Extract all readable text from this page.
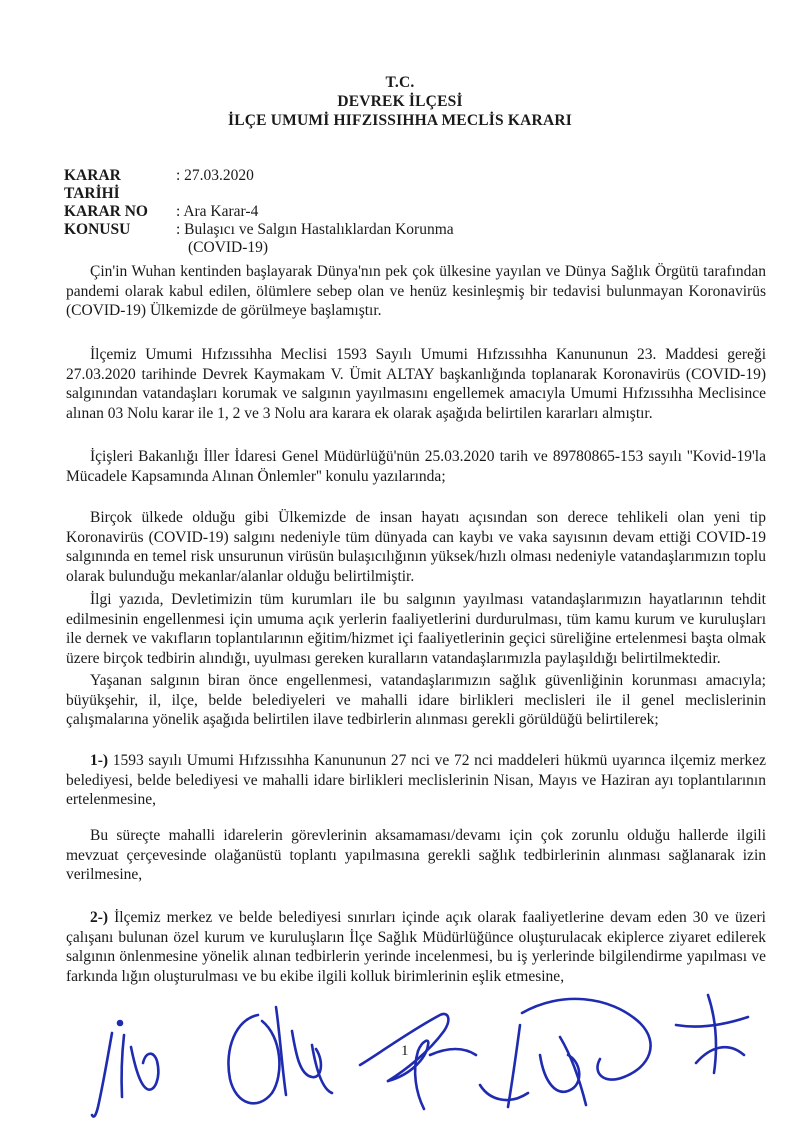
T.C.
DEVREK İLÇESİ
İLÇE UMUMİ HIFZISSIHHA MECLİS KARARI
KARAR TARİHİ
: 27.03.2020
KARAR NO	: Ara Karar-4
KONUSU	: Bulaşıcı ve Salgın Hastalıklardan Korunma
(COVID-19)

Çin'in Wuhan kentinden başlayarak Dünya'nın pek çok ülkesine yayılan ve Dünya Sağlık Örgütü tarafından pandemi olarak kabul edilen, ölümlere sebep olan ve henüz kesinleşmiş bir tedavisi bulunmayan Koronavirüs (COVID-19) Ülkemizde de görülmeye başlamıştır.

İlçemiz Umumi Hıfzıssıhha Meclisi 1593 Sayılı Umumi Hıfzıssıhha Kanununun 23. Maddesi gereği 27.03.2020 tarihinde Devrek Kaymakam V. Ümit ALTAY başkanlığında toplanarak Koronavirüs (COVID-19) salgınından vatandaşları korumak ve salgının yayılmasını engellemek amacıyla Umumi Hıfzıssıhha Meclisince alınan 03 Nolu karar ile 1, 2 ve 3 Nolu ara karara ek olarak aşağıda belirtilen kararları almıştır.

İçişleri Bakanlığı İller İdaresi Genel Müdürlüğü'nün 25.03.2020 tarih ve 89780865-153 sayılı ''Kovid-19'la Mücadele Kapsamında Alınan Önlemler'' konulu yazılarında;

Birçok ülkede olduğu gibi Ülkemizde de insan hayatı açısından son derece tehlikeli olan yeni tip Koronavirüs (COVID-19) salgını nedeniyle tüm dünyada can kaybı ve vaka sayısının devam ettiği COVID-19 salgınında en temel risk unsurunun virüsün bulaşıcılığının yüksek/hızlı olması nedeniyle vatandaşlarımızın toplu olarak bulunduğu mekanlar/alanlar olduğu belirtilmiştir.

İlgi yazıda, Devletimizin tüm kurumları ile bu salgının yayılması vatandaşlarımızın hayatlarının tehdit edilmesinin engellenmesi için umuma açık yerlerin faaliyetlerini durdurulması, tüm kamu kurum ve kuruluşları ile dernek ve vakıfların toplantılarının eğitim/hizmet içi faaliyetlerinin geçici süreliğine ertelenmesi başta olmak üzere birçok tedbirin alındığı, uyulması gereken kuralların vatandaşlarımızla paylaşıldığı belirtilmektedir.

Yaşanan salgının biran önce engellenmesi, vatandaşlarımızın sağlık güvenliğinin korunması amacıyla; büyükşehir, il, ilçe, belde belediyeleri ve mahalli idare birlikleri meclisleri ile il genel meclislerinin çalışmalarına yönelik aşağıda belirtilen ilave tedbirlerin alınması gerekli görüldüğü belirtilerek;

1-) 1593 sayılı Umumi Hıfzıssıhha Kanununun 27 nci ve 72 nci maddeleri hükmü uyarınca ilçemiz merkez belediyesi, belde belediyesi ve mahalli idare birlikleri meclislerinin Nisan, Mayıs ve Haziran ayı toplantılarının ertelenmesine,

Bu süreçte mahalli idarelerin görevlerinin aksamaması/devamı için çok zorunlu olduğu hallerde ilgili mevzuat çerçevesinde olağanüstü toplantı yapılmasına gerekli sağlık tedbirlerinin alınması sağlanarak izin verilmesine,

2-) İlçemiz merkez ve belde belediyesi sınırları içinde açık olarak faaliyetlerine devam eden 30 ve üzeri çalışanı bulunan özel kurum ve kuruluşların İlçe Sağlık Müdürlüğünce oluşturulacak ekiplerce ziyaret edilerek salgının önlenmesine yönelik alınan tedbirlerin yerinde incelenmesi, bu iş yerlerinde bilgilendirme yapılması ve farkında lığın oluşturulması ve bu ekibe ilgili kolluk birimlerinin eşlik etmesine,

1
